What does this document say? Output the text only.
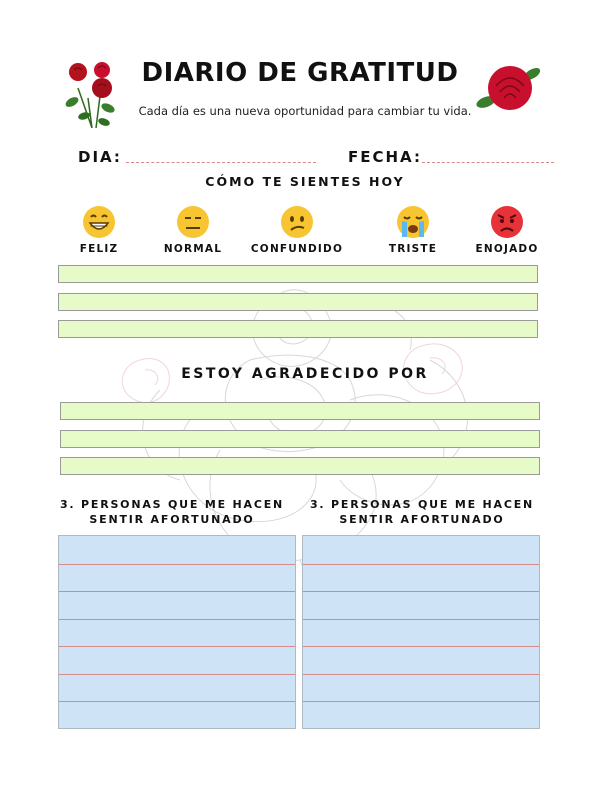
DIARIO DE GRATITUD
Cada día es una nueva oportunidad para cambiar tu vida.
DIA:	FECHA:
CÓMO TE SIENTES HOY
FELIZ	NORMAL	CONFUNDIDO	TRISTE	ENOJADO
ESTOY AGRADECIDO POR
3. PERSONAS QUE ME HACEN SENTIR AFORTUNADO
3. PERSONAS QUE ME HACEN SENTIR AFORTUNADO
